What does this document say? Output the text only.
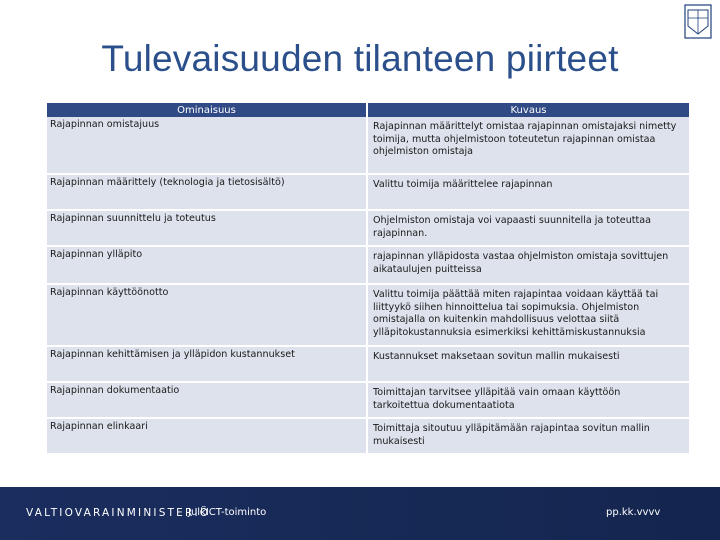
Tulevaisuuden tilanteen piirteet
Ominaisuus	Kuvaus
Rajapinnan omistajuus	Rajapinnan määrittelyt omistaa rajapinnan omistajaksi nimetty toimija, mutta ohjelmistoon toteutetun rajapinnan omistaa ohjelmiston omistaja
Rajapinnan määrittely (teknologia ja tietosisältö)	Valittu toimija määrittelee rajapinnan
Rajapinnan suunnittelu ja toteutus	Ohjelmiston omistaja voi vapaasti suunnitella ja toteuttaa rajapinnan.
Rajapinnan ylläpito	rajapinnan ylläpidosta vastaa ohjelmiston omistaja sovittujen aikataulujen puitteissa
Rajapinnan käyttöönotto	Valittu toimija päättää miten rajapintaa voidaan käyttää tai liittyykö siihen hinnoittelua tai sopimuksia. Ohjelmiston omistajalla on kuitenkin mahdollisuus velottaa siitä ylläpitokustannuksia esimerkiksi kehittämiskustannuksia
Rajapinnan kehittämisen ja ylläpidon kustannukset	Kustannukset maksetaan sovitun mallin mukaisesti
Rajapinnan dokumentaatio	Toimittajan tarvitsee ylläpitää vain omaan käyttöön tarkoitettua dokumentaatiota
Rajapinnan elinkaari	Toimittaja sitoutuu ylläpitämään rajapintaa sovitun mallin mukaisesti
VALTIOVARAINMINISTERIÖ
JulkICT-toiminto	pp.kk.vvvv
